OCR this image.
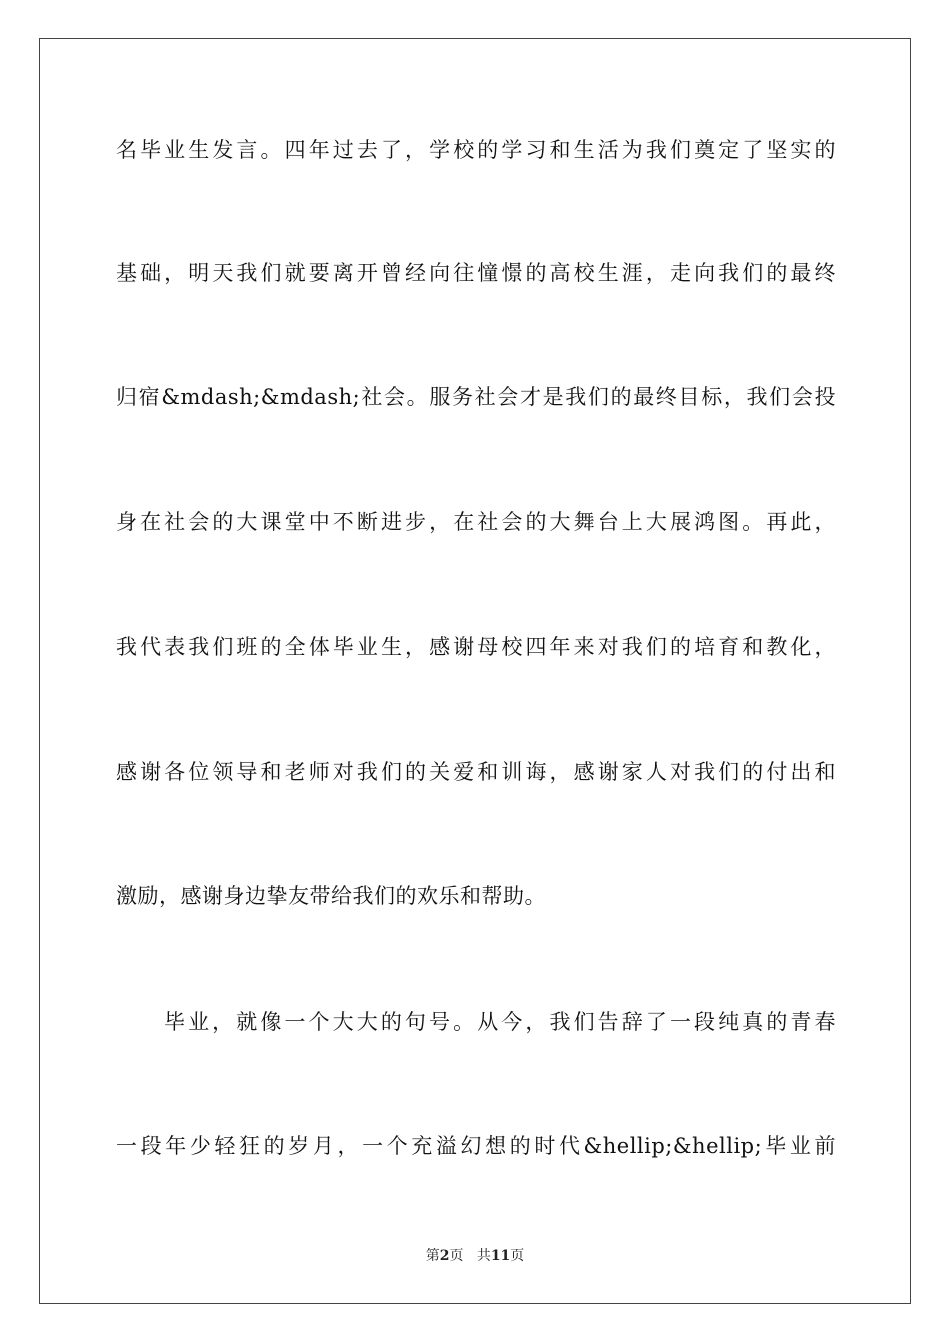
名毕业生发言。四年过去了，学校的学习和生活为我们奠定了坚实的
基础，明天我们就要离开曾经向往憧憬的高校生涯，走向我们的最终
归宿&mdash;&mdash;社会。服务社会才是我们的最终目标，我们会投
身在社会的大课堂中不断进步，在社会的大舞台上大展鸿图。再此，
我代表我们班的全体毕业生，感谢母校四年来对我们的培育和教化，
感谢各位领导和老师对我们的关爱和训诲，感谢家人对我们的付出和
激励，感谢身边挚友带给我们的欢乐和帮助。
毕业，就像一个大大的句号。从今，我们告辞了一段纯真的青春
一段年少轻狂的岁月，一个充溢幻想的时代&hellip;&hellip;毕业前
第2页 共11页
